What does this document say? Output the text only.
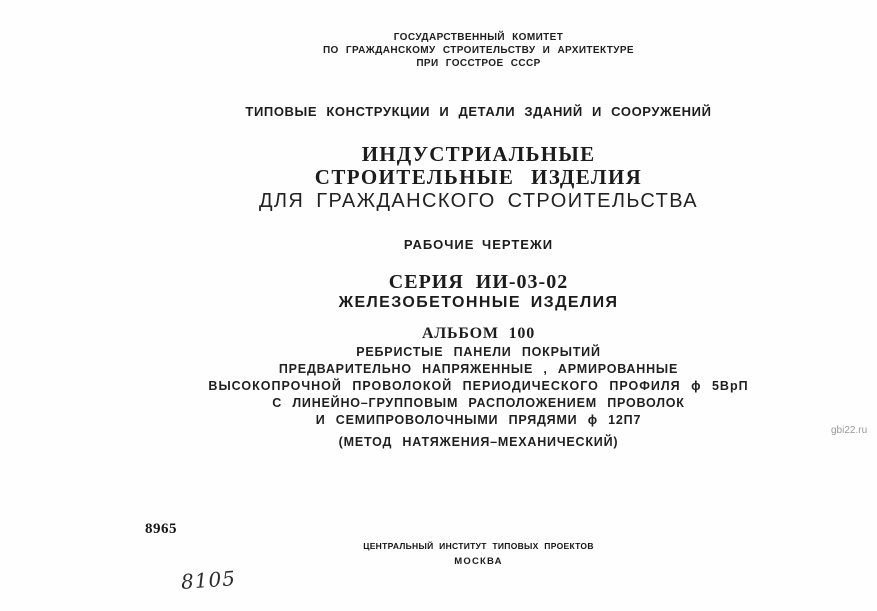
ГОСУДАРСТВЕННЫЙ КОМИТЕТ
ПО ГРАЖДАНСКОМУ СТРОИТЕЛЬСТВУ И АРХИТЕКТУРЕ
ПРИ ГОССТРОЕ СССР
ТИПОВЫЕ КОНСТРУКЦИИ И ДЕТАЛИ ЗДАНИЙ И СООРУЖЕНИЙ
ИНДУСТРИАЛЬНЫЕ
СТРОИТЕЛЬНЫЕ ИЗДЕЛИЯ
ДЛЯ ГРАЖДАНСКОГО СТРОИТЕЛЬСТВА
РАБОЧИЕ ЧЕРТЕЖИ
СЕРИЯ ИИ-03-02
ЖЕЛЕЗОБЕТОННЫЕ ИЗДЕЛИЯ
АЛЬБОМ 100
РЕБРИСТЫЕ ПАНЕЛИ ПОКРЫТИЙ
ПРЕДВАРИТЕЛЬНО НАПРЯЖЕННЫЕ , АРМИРОВАННЫЕ
ВЫСОКОПРОЧНОЙ ПРОВОЛОКОЙ ПЕРИОДИЧЕСКОГО ПРОФИЛЯ ϕ 5ВрП
С ЛИНЕЙНО–ГРУППОВЫМ РАСПОЛОЖЕНИЕМ ПРОВОЛОК
И СЕМИПРОВОЛОЧНЫМИ ПРЯДЯМИ ϕ 12П7
(МЕТОД НАТЯЖЕНИЯ–МЕХАНИЧЕСКИЙ)
ЦЕНТРАЛЬНЫЙ ИНСТИТУТ ТИПОВЫХ ПРОЕКТОВ
МОСКВА
8965
8105
gbi22.ru
